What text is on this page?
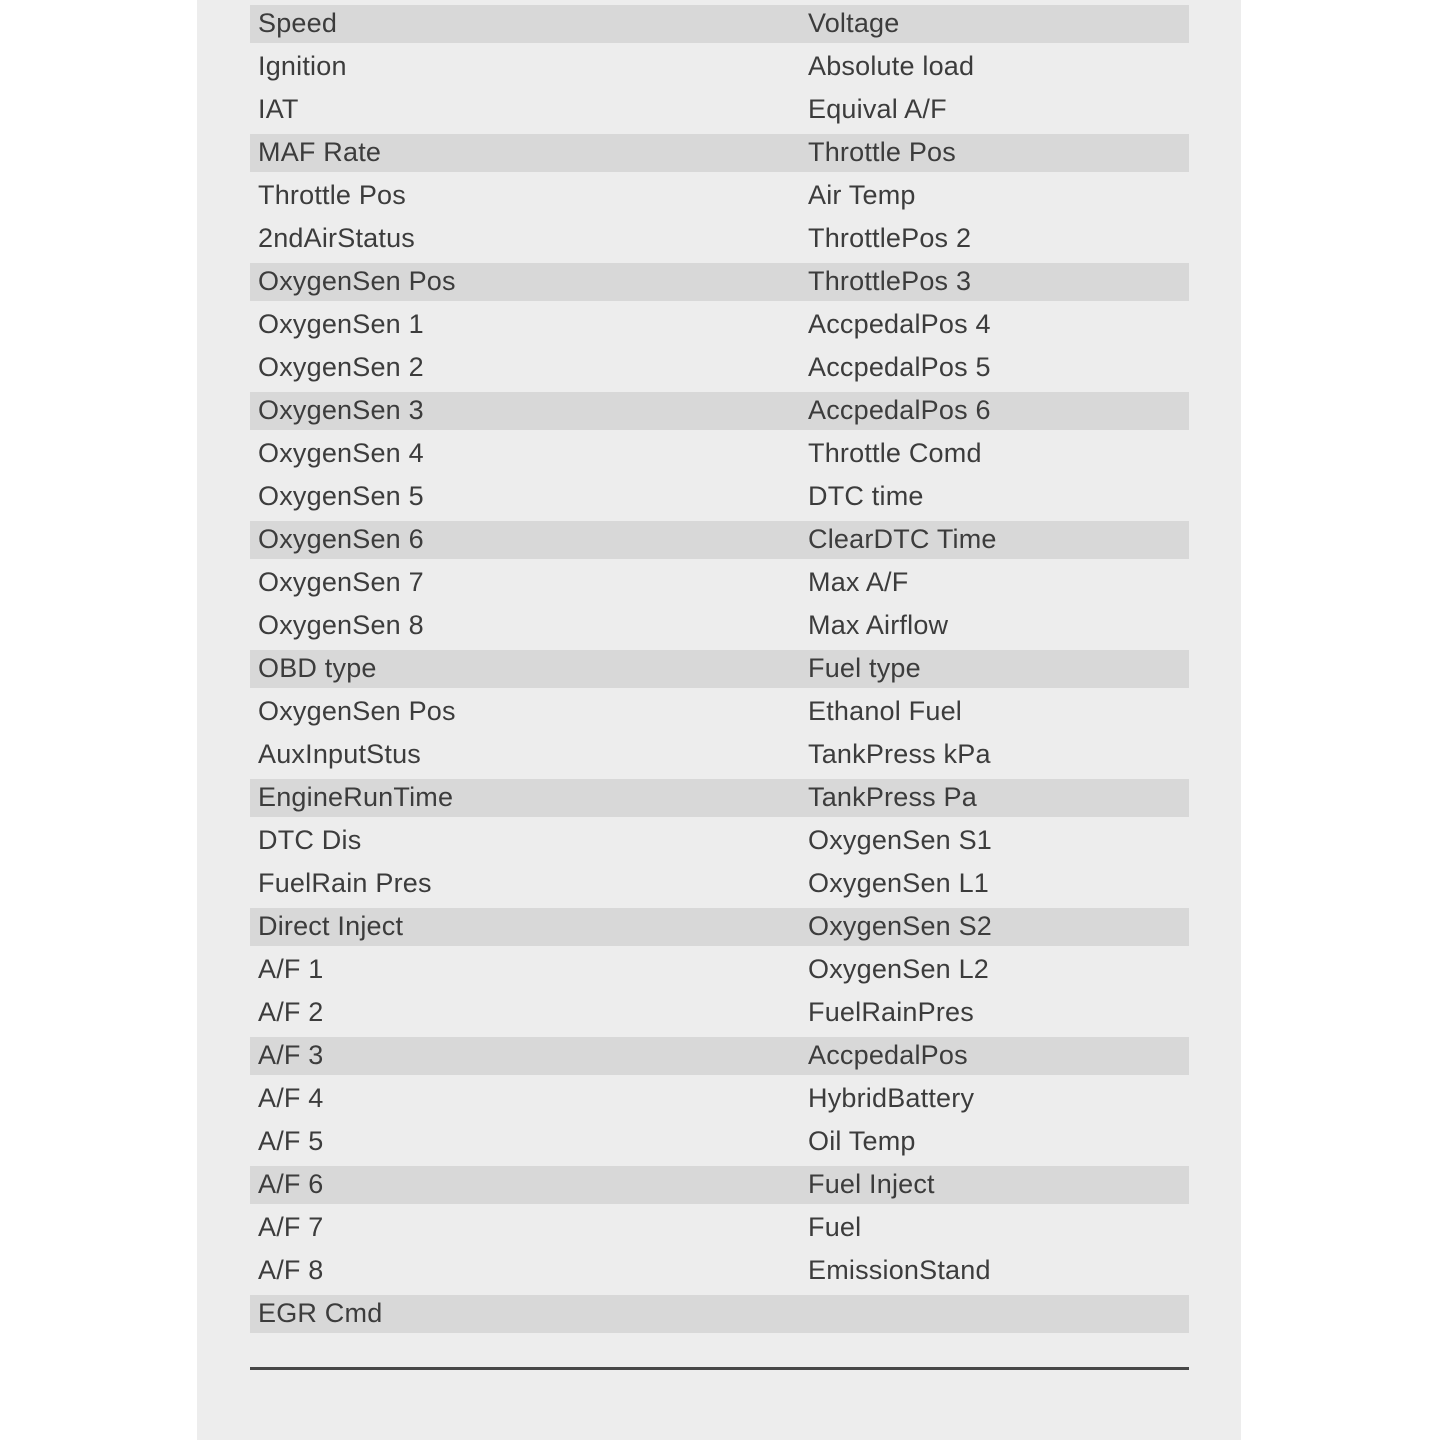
Speed	Voltage
Ignition	Absolute load
IAT	Equival A/F
MAF Rate	Throttle Pos
Throttle Pos	Air Temp
2ndAirStatus	ThrottlePos 2
OxygenSen Pos	ThrottlePos 3
OxygenSen 1	AccpedalPos 4
OxygenSen 2	AccpedalPos 5
OxygenSen 3	AccpedalPos 6
OxygenSen 4	Throttle Comd
OxygenSen 5	DTC time
OxygenSen 6	ClearDTC Time
OxygenSen 7	Max A/F
OxygenSen 8	Max Airflow
OBD type	Fuel type
OxygenSen Pos	Ethanol Fuel
AuxInputStus	TankPress kPa
EngineRunTime	TankPress Pa
DTC Dis	OxygenSen S1
FuelRain Pres	OxygenSen L1
Direct Inject	OxygenSen S2
A/F 1	OxygenSen L2
A/F 2	FuelRainPres
A/F 3	AccpedalPos
A/F 4	HybridBattery
A/F 5	Oil Temp
A/F 6	Fuel Inject
A/F 7	Fuel
A/F 8	EmissionStand
EGR Cmd
